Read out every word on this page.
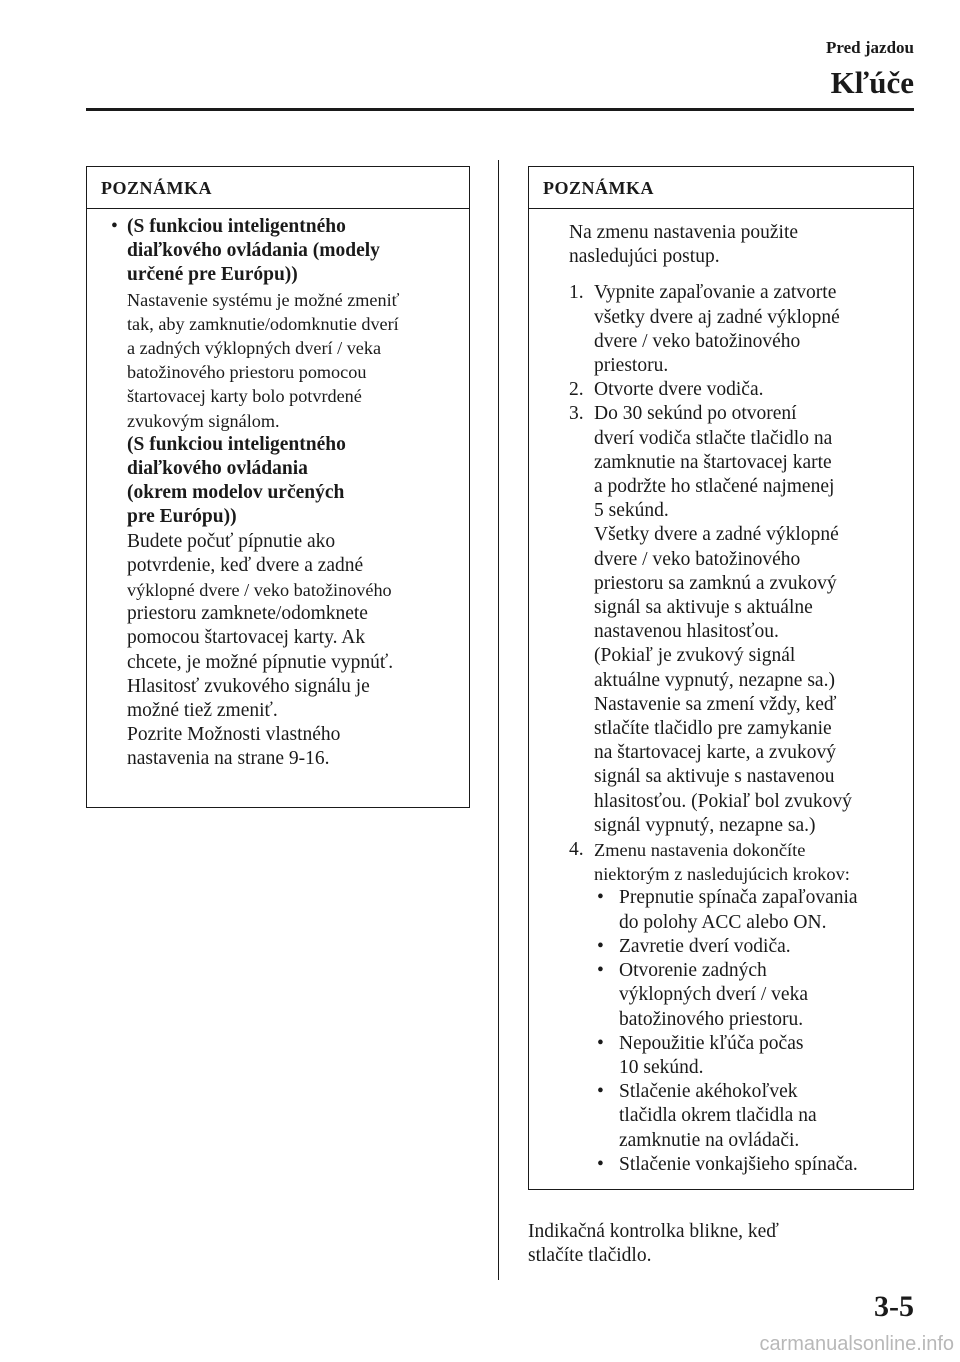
Pred jazdou
Kľúče
POZNÁMKA
• (S funkciou inteligentného
diaľkového ovládania (modely
určené pre Európu))
Nastavenie systému je možné zmeniť
tak, aby zamknutie/odomknutie dverí
a zadných výklopných dverí / veka
batožinového priestoru pomocou
štartovacej karty bolo potvrdené
zvukovým signálom.
(S funkciou inteligentného
diaľkového ovládania
(okrem modelov určených
pre Európu))
Budete počuť pípnutie ako
potvrdenie, keď dvere a zadné
výklopné dvere / veko batožinového
priestoru zamknete/odomknete
pomocou štartovacej karty. Ak
chcete, je možné pípnutie vypnúť.
Hlasitosť zvukového signálu je
možné tiež zmeniť.
Pozrite Možnosti vlastného
nastavenia na strane 9-16.
POZNÁMKA
Na zmenu nastavenia použite
nasledujúci postup.
1. Vypnite zapaľovanie a zatvorte
všetky dvere aj zadné výklopné
dvere / veko batožinového
priestoru.
2. Otvorte dvere vodiča.
3. Do 30 sekúnd po otvorení
dverí vodiča stlačte tlačidlo na
zamknutie na štartovacej karte
a podržte ho stlačené najmenej
5 sekúnd.
Všetky dvere a zadné výklopné
dvere / veko batožinového
priestoru sa zamknú a zvukový
signál sa aktivuje s aktuálne
nastavenou hlasitosťou.
(Pokiaľ je zvukový signál
aktuálne vypnutý, nezapne sa.)
Nastavenie sa zmení vždy, keď
stlačíte tlačidlo pre zamykanie
na štartovacej karte, a zvukový
signál sa aktivuje s nastavenou
hlasitosťou. (Pokiaľ bol zvukový
signál vypnutý, nezapne sa.)
4. Zmenu nastavenia dokončíte
niektorým z nasledujúcich krokov:
• Prepnutie spínača zapaľovania
do polohy ACC alebo ON.
• Zavretie dverí vodiča.
• Otvorenie zadných
výklopných dverí / veka
batožinového priestoru.
• Nepoužitie kľúča počas
10 sekúnd.
• Stlačenie akéhokoľvek
tlačidla okrem tlačidla na
zamknutie na ovládači.
• Stlačenie vonkajšieho spínača.
Indikačná kontrolka blikne, keď
stlačíte tlačidlo.
3-5
carmanualsonline.info
